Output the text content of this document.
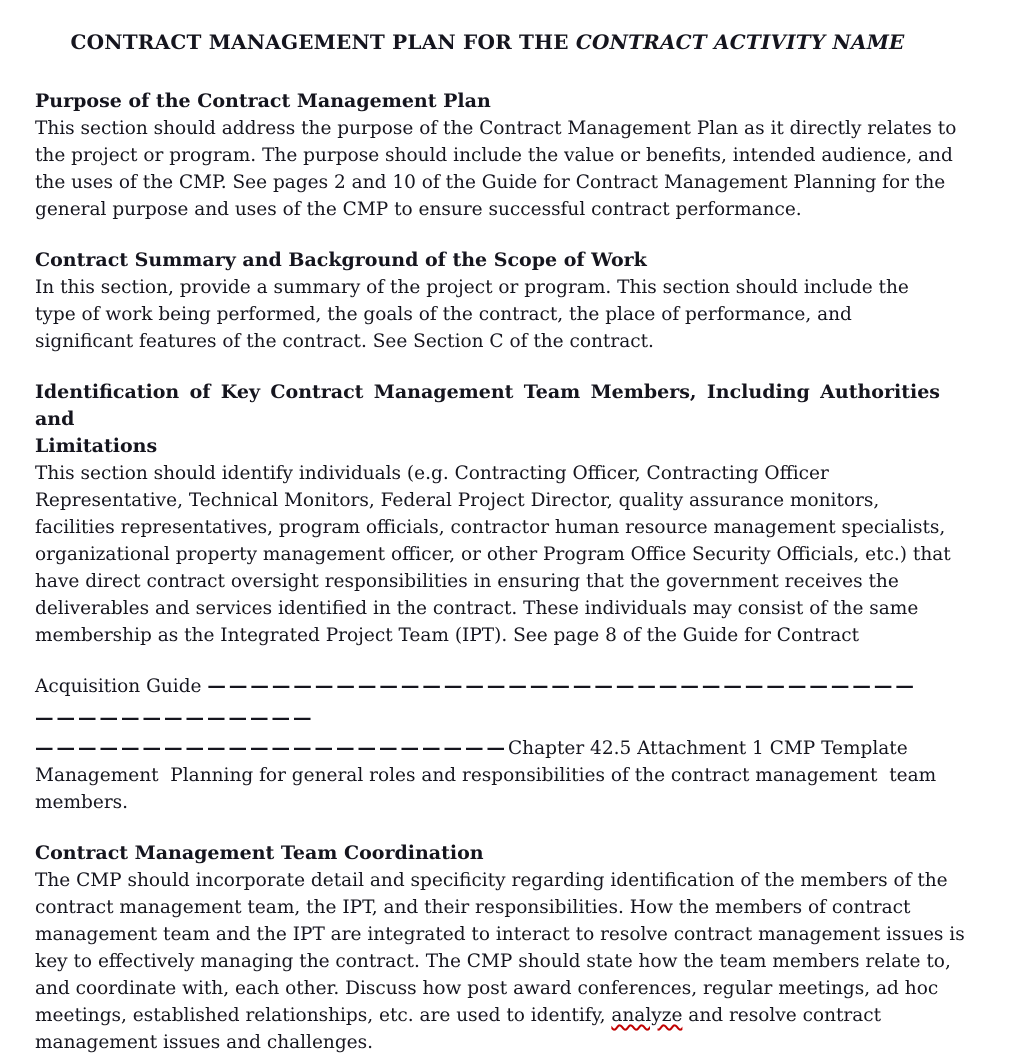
CONTRACT MANAGEMENT PLAN FOR THE CONTRACT ACTIVITY NAME
Purpose of the Contract Management Plan
This section should address the purpose of the Contract Management Plan as it directly relates to
the project or program. The purpose should include the value or benefits, intended audience, and
the uses of the CMP. See pages 2 and 10 of the Guide for Contract Management Planning for the
general purpose and uses of the CMP to ensure successful contract performance.
Contract Summary and Background of the Scope of Work
In this section, provide a summary of the project or program. This section should include the
type of work being performed, the goals of the contract, the place of performance, and
significant features of the contract. See Section C of the contract.
Identification of Key Contract Management Team Members, Including Authorities and
Limitations
This section should identify individuals (e.g. Contracting Officer, Contracting Officer
Representative, Technical Monitors, Federal Project Director, quality assurance monitors,
facilities representatives, program officials, contractor human resource management specialists,
organizational property management officer, or other Program Office Security Officials, etc.) that
have direct contract oversight responsibilities in ensuring that the government receives the
deliverables and services identified in the contract. These individuals may consist of the same
membership as the Integrated Project Team (IPT). See page 8 of the Guide for Contract
Acquisition Guide —————————————————————————————————
—————————————
——————————————————————Chapter 42.5 Attachment 1 CMP Template
Management  Planning for general roles and responsibilities of the contract management  team
members.
Contract Management Team Coordination
The CMP should incorporate detail and specificity regarding identification of the members of the
contract management team, the IPT, and their responsibilities. How the members of contract
management team and the IPT are integrated to interact to resolve contract management issues is
key to effectively managing the contract. The CMP should state how the team members relate to,
and coordinate with, each other. Discuss how post award conferences, regular meetings, ad hoc
meetings, established relationships, etc. are used to identify, analyze and resolve contract
management issues and challenges.
